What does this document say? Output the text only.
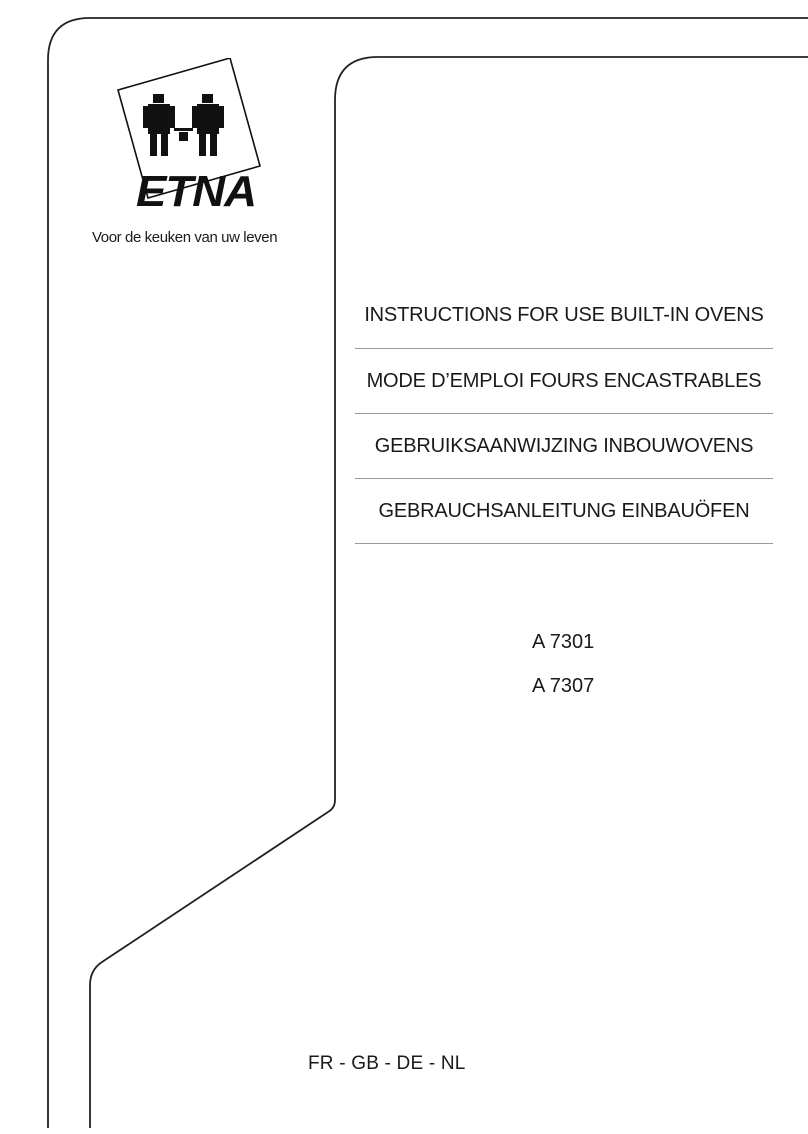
ETNA
Voor de keuken van uw leven
INSTRUCTIONS FOR USE BUILT-IN OVENS
MODE D’EMPLOI FOURS ENCASTRABLES
GEBRUIKSAANWIJZING INBOUWOVENS
GEBRAUCHSANLEITUNG EINBAUÖFEN
A 7301
A 7307
FR - GB - DE - NL
